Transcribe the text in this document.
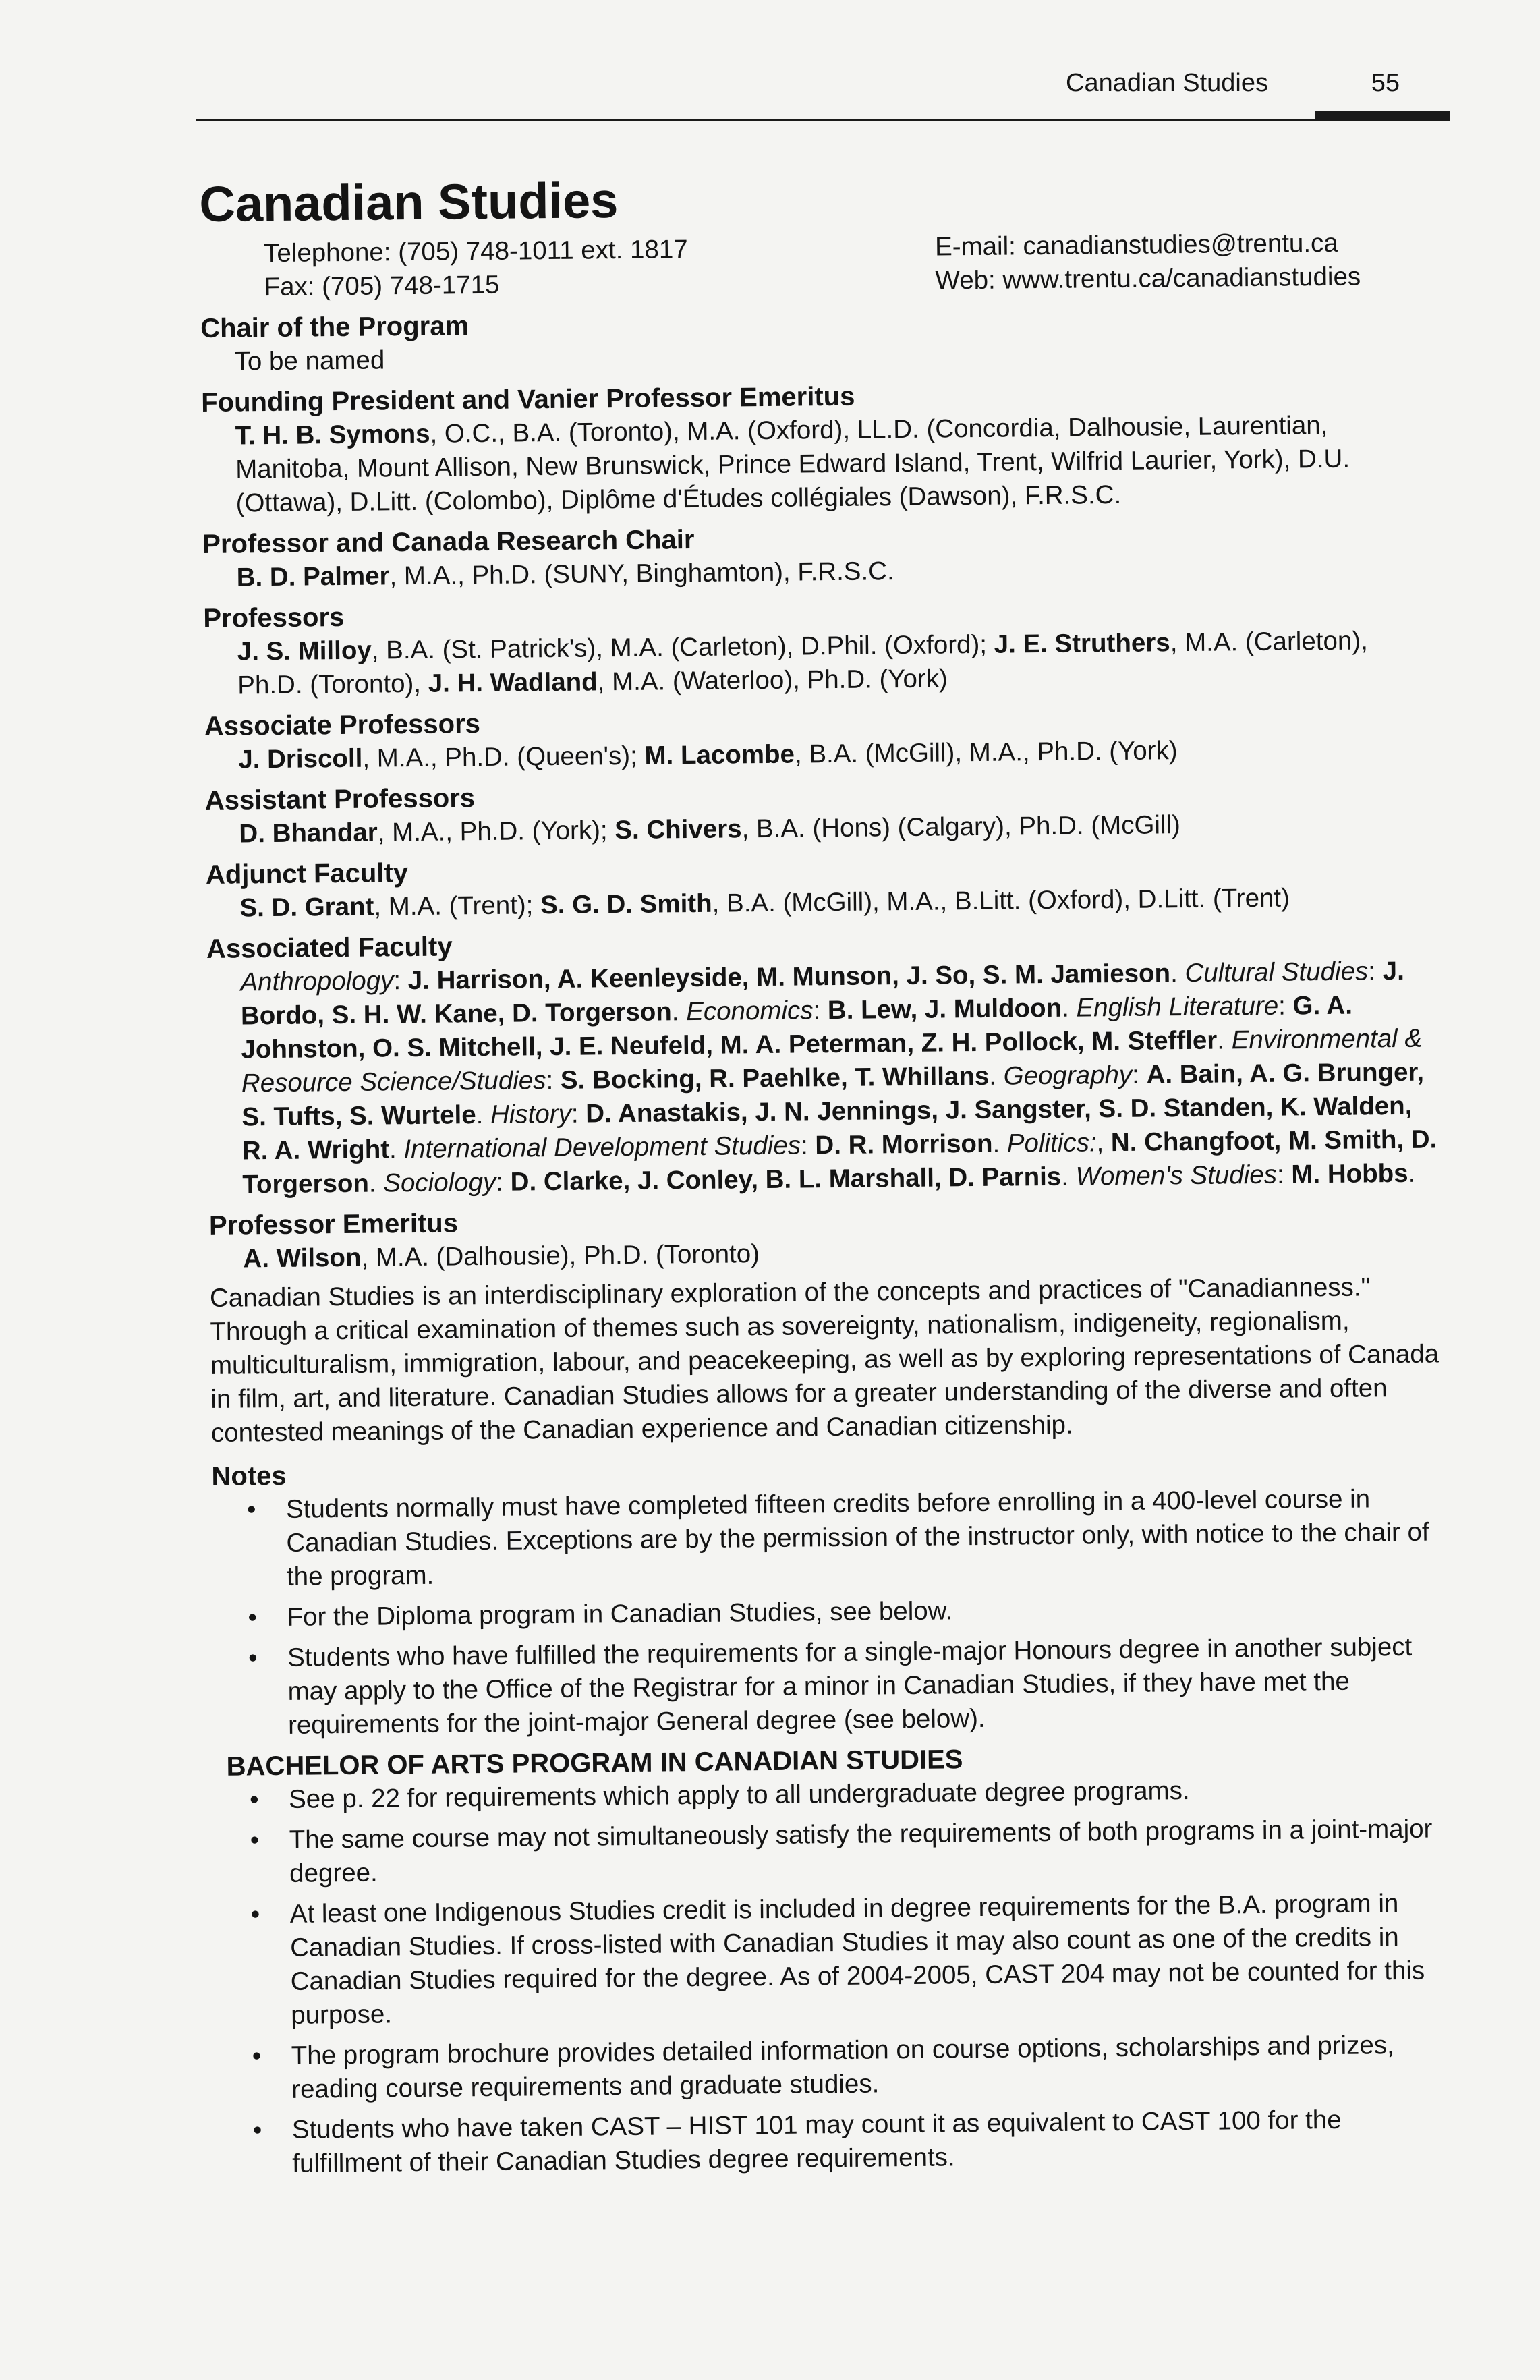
Canadian Studies	55
Canadian Studies
Telephone: (705) 748-1011 ext. 1817
Fax: (705) 748-1715
E-mail: canadianstudies@trentu.ca
Web: www.trentu.ca/canadianstudies
Chair of the Program
To be named
Founding President and Vanier Professor Emeritus
T. H. B. Symons, O.C., B.A. (Toronto), M.A. (Oxford), LL.D. (Concordia, Dalhousie, Laurentian, Manitoba, Mount Allison, New Brunswick, Prince Edward Island, Trent, Wilfrid Laurier, York), D.U. (Ottawa), D.Litt. (Colombo), Diplôme d'Études collégiales (Dawson), F.R.S.C.
Professor and Canada Research Chair
B. D. Palmer, M.A., Ph.D. (SUNY, Binghamton), F.R.S.C.
Professors
J. S. Milloy, B.A. (St. Patrick's), M.A. (Carleton), D.Phil. (Oxford); J. E. Struthers, M.A. (Carleton), Ph.D. (Toronto), J. H. Wadland, M.A. (Waterloo), Ph.D. (York)
Associate Professors
J. Driscoll, M.A., Ph.D. (Queen's); M. Lacombe, B.A. (McGill), M.A., Ph.D. (York)
Assistant Professors
D. Bhandar, M.A., Ph.D. (York); S. Chivers, B.A. (Hons) (Calgary), Ph.D. (McGill)
Adjunct Faculty
S. D. Grant, M.A. (Trent); S. G. D. Smith, B.A. (McGill), M.A., B.Litt. (Oxford), D.Litt. (Trent)
Associated Faculty
Anthropology: J. Harrison, A. Keenleyside, M. Munson, J. So, S. M. Jamieson. Cultural Studies: J. Bordo, S. H. W. Kane, D. Torgerson. Economics: B. Lew, J. Muldoon. English Literature: G. A. Johnston, O. S. Mitchell, J. E. Neufeld, M. A. Peterman, Z. H. Pollock, M. Steffler. Environmental & Resource Science/Studies: S. Bocking, R. Paehlke, T. Whillans. Geography: A. Bain, A. G. Brunger, S. Tufts, S. Wurtele. History: D. Anastakis, J. N. Jennings, J. Sangster, S. D. Standen, K. Walden, R. A. Wright. International Development Studies: D. R. Morrison. Politics:, N. Changfoot, M. Smith, D. Torgerson. Sociology: D. Clarke, J. Conley, B. L. Marshall, D. Parnis. Women's Studies: M. Hobbs.
Professor Emeritus
A. Wilson, M.A. (Dalhousie), Ph.D. (Toronto)
Canadian Studies is an interdisciplinary exploration of the concepts and practices of "Canadianness." Through a critical examination of themes such as sovereignty, nationalism, indigeneity, regionalism, multiculturalism, immigration, labour, and peacekeeping, as well as by exploring representations of Canada in film, art, and literature. Canadian Studies allows for a greater understanding of the diverse and often contested meanings of the Canadian experience and Canadian citizenship.
Notes
• Students normally must have completed fifteen credits before enrolling in a 400-level course in Canadian Studies. Exceptions are by the permission of the instructor only, with notice to the chair of the program.
• For the Diploma program in Canadian Studies, see below.
• Students who have fulfilled the requirements for a single-major Honours degree in another subject may apply to the Office of the Registrar for a minor in Canadian Studies, if they have met the requirements for the joint-major General degree (see below).
BACHELOR OF ARTS PROGRAM IN CANADIAN STUDIES
• See p. 22 for requirements which apply to all undergraduate degree programs.
• The same course may not simultaneously satisfy the requirements of both programs in a joint-major degree.
• At least one Indigenous Studies credit is included in degree requirements for the B.A. program in Canadian Studies. If cross-listed with Canadian Studies it may also count as one of the credits in Canadian Studies required for the degree. As of 2004-2005, CAST 204 may not be counted for this purpose.
• The program brochure provides detailed information on course options, scholarships and prizes, reading course requirements and graduate studies.
• Students who have taken CAST – HIST 101 may count it as equivalent to CAST 100 for the fulfillment of their Canadian Studies degree requirements.
